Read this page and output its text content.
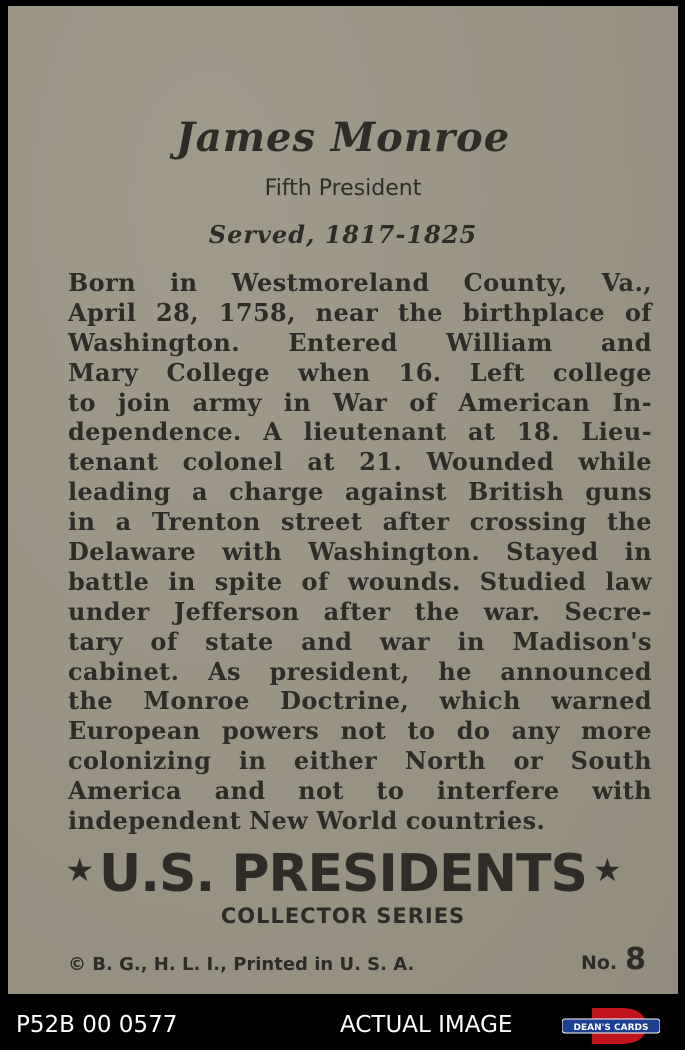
James Monroe
Fifth President
Served, 1817-1825
Born in Westmoreland County, Va.,
April 28, 1758, near the birthplace of
Washington. Entered William and
Mary College when 16. Left college
to join army in War of American In-
dependence. A lieutenant at 18. Lieu-
tenant colonel at 21. Wounded while
leading a charge against British guns
in a Trenton street after crossing the
Delaware with Washington. Stayed in
battle in spite of wounds. Studied law
under Jefferson after the war. Secre-
tary of state and war in Madison's
cabinet. As president, he announced
the Monroe Doctrine, which warned
European powers not to do any more
colonizing in either North or South
America and not to interfere with
independent New World countries.
★ U.S. PRESIDENTS ★
COLLECTOR SERIES
© B. G., H. L. I., Printed in U. S. A.	No. 8
P52B 00 0577	ACTUAL IMAGE	DEAN'S CARDS
